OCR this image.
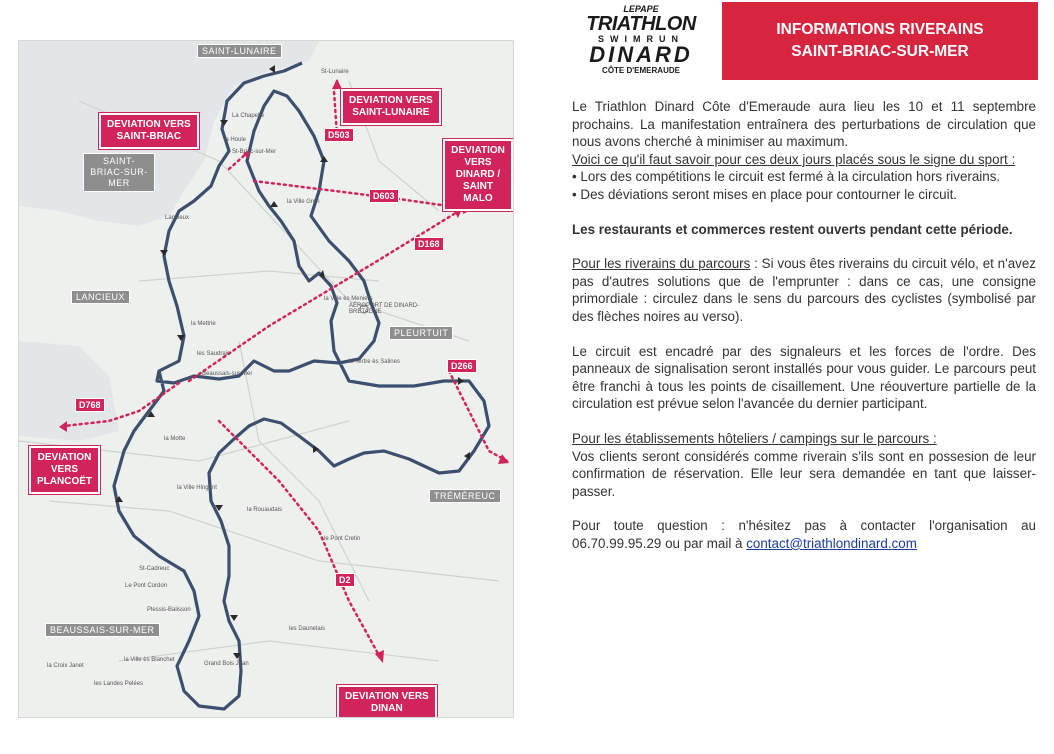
St-Lunaire
La Chapelle
la Houle
St-Briac-sur-Mer
la Ville Gren
Lancieux
la Mettrie
les Saudrais
Beaussais-sur-Mer
la Motte
la Ville Hingant
la Rouaudais
St-Cadreuc
Le Pont Cordon
Plessis-Balisson
Grand Bois Jean
les Daunelais
le Pont Cretin
la Ville ès Blanchet
les Landes Pelées
la Croix Janet
le Tertre ès Salines
AÉROPORT DE DINARD-BRETAGNE
la Ville ès Meniers
SAINT-LUNAIRE
SAINT-BRIAC-SUR-MER
LANCIEUX
PLEURTUIT
TRÉMÉREUC
BEAUSSAIS-SUR-MER
D503
D603
D168
D266
D768
D2
DEVIATION VERS
SAINT-LUNAIRE
DEVIATION VERS
SAINT-BRIAC
DEVIATION
VERS
DINARD /
SAINT MALO
DEVIATION
VERS
PLANCOËT
DEVIATION VERS
DINAN
LEPAPE
TRIATHLON
SWIMRUN
DINARD
CÔTE D'EMERAUDE
INFORMATIONS RIVERAINS
SAINT-BRIAC-SUR-MER

Le Triathlon Dinard Côte d'Emeraude aura lieu les 10 et 11 septembre prochains. La manifestation entraînera des perturbations de circulation que nous avons cherché à minimiser au maximum.

Voici ce qu'il faut savoir pour ces deux jours placés sous le signe du sport :

• Lors des compétitions le circuit est fermé à la circulation hors riverains.

• Des déviations seront mises en place pour contourner le circuit.

Les restaurants et commerces restent ouverts pendant cette période.

Pour les riverains du parcours : Si vous êtes riverains du circuit vélo, et n'avez pas d'autres solutions que de l'emprunter : dans ce cas, une consigne primordiale : circulez dans le sens du parcours des cyclistes (symbolisé par des flèches noires au verso).

Le circuit est encadré par des signaleurs et les forces de l'ordre. Des panneaux de signalisation seront installés pour vous guider. Le parcours peut être franchi à tous les points de cisaillement. Une réouverture partielle de la circulation est prévue selon l'avancée du dernier participant.

Pour les établissements hôteliers / campings sur le parcours :

Vos clients seront considérés comme riverain s'ils sont en possesion de leur confirmation de réservation. Elle leur sera demandée en tant que laisser-passer.

Pour toute question : n'hésitez pas à contacter l'organisation au 06.70.99.95.29 ou par mail à contact@triathlondinard.com
